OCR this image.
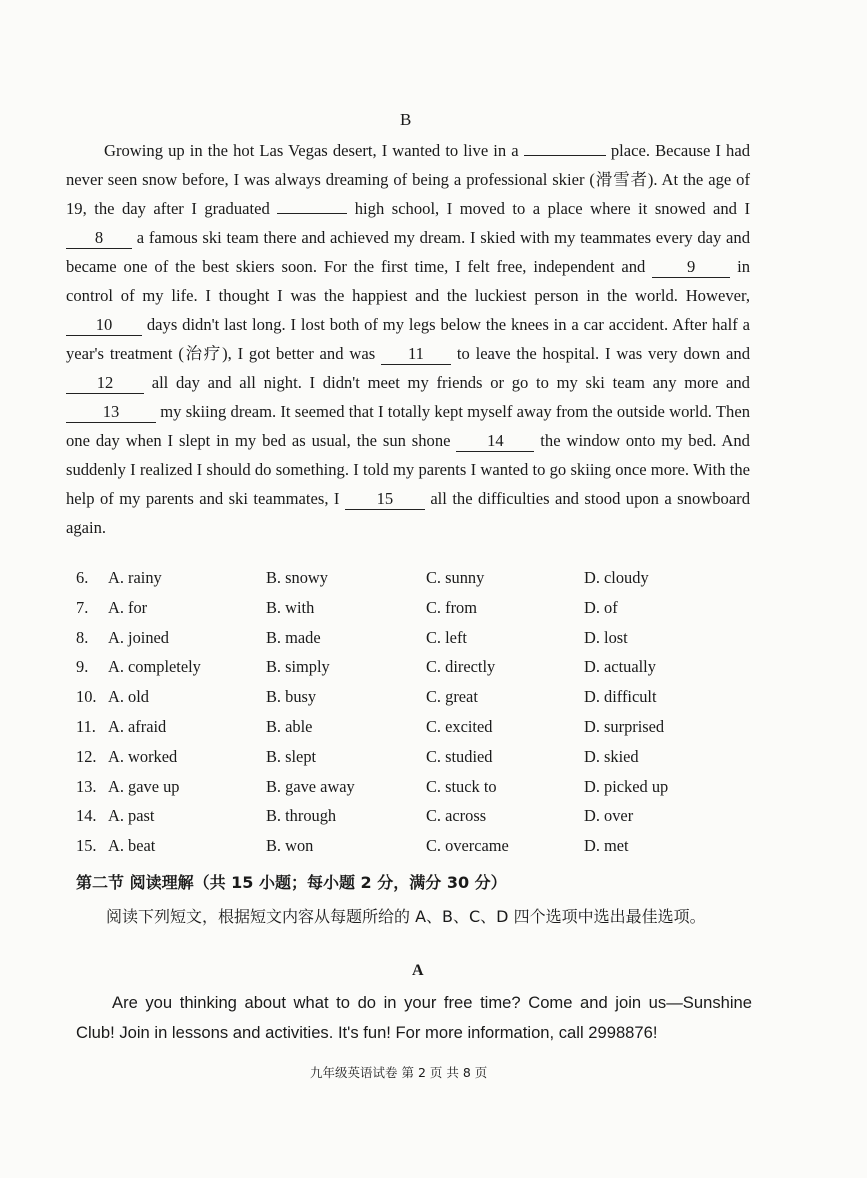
B
Growing up in the hot Las Vegas desert, I wanted to live in a	place. Because I had never seen snow before, I was always dreaming of being a professional skier (滑雪者). At the age of 19, the day after I graduated	high school, I moved to a place where it snowed and I 8 a famous ski team there and achieved my dream. I skied with my teammates every day and became one of the best skiers soon. For the first time, I felt free, independent and	9	in control of my life. I thought I was the happiest and the luckiest person in the world. However, 10 days didn't last long. I lost both of my legs below the knees in a car accident. After half a year's treatment (治疗), I got better and was 11 to leave the hospital. I was very down and 12 all day and all night. I didn't meet my friends or go to my ski team any more and 13 my skiing dream. It seemed that I totally kept myself away from the outside world. Then one day when I slept in my bed as usual, the sun shone 14 the window onto my bed. And suddenly I realized I should do something. I told my parents I wanted to go skiing once more. With the help of my parents and ski teammates, I 15 all the difficulties and stood upon a snowboard again.
6. A. rainy	B. snowy	C. sunny	D. cloudy
7. A. for	B. with	C. from	D. of
8. A. joined	B. made	C. left	D. lost
9. A. completely	B. simply	C. directly	D. actually
10. A. old	B. busy	C. great	D. difficult
11. A. afraid	B. able	C. excited	D. surprised
12. A. worked	B. slept	C. studied	D. skied
13. A. gave up	B. gave away	C. stuck to	D. picked up
14. A. past	B. through	C. across	D. over
15. A. beat	B. won	C. overcame	D. met
第二节 阅读理解（共 15 小题；每小题 2 分，满分 30 分）
阅读下列短文，根据短文内容从每题所给的 A、B、C、D 四个选项中选出最佳选项。
A
Are you thinking about what to do in your free time? Come and join us—Sunshine Club! Join in lessons and activities. It's fun! For more information, call 2998876!
九年级英语试卷 第 2 页 共 8 页
